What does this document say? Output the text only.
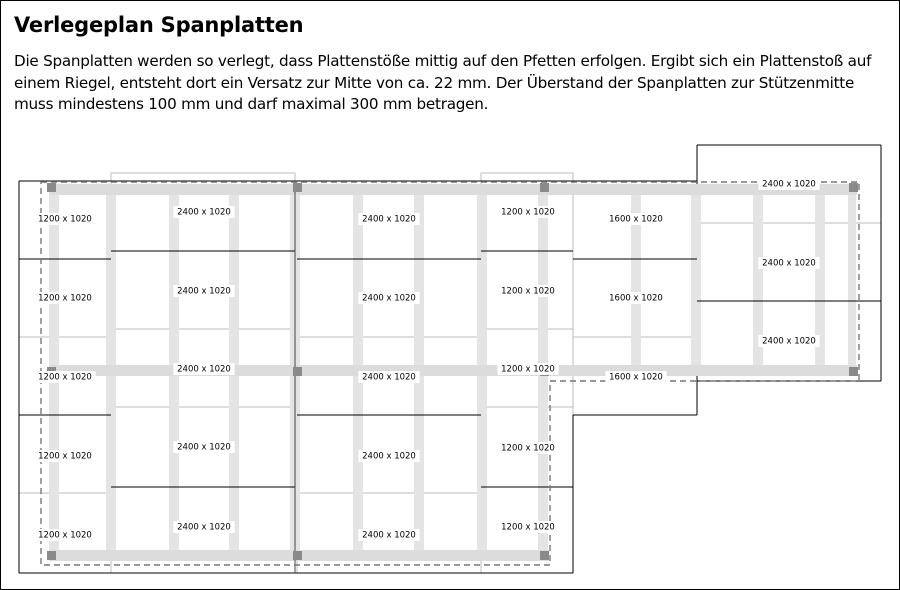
Verlegeplan Spanplatten

Die Spanplatten werden so verlegt, dass Plattenstöße mittig auf den Pfetten erfolgen. Ergibt sich ein Plattenstoß auf einem Riegel, entsteht dort ein Versatz zur Mitte von ca. 22 mm. Der Überstand der Spanplatten zur Stützenmitte muss mindestens 100 mm und darf maximal 300 mm betragen.

1200 x 1020
2400 x 1020
2400 x 1020
1200 x 1020
1600 x 1020
2400 x 1020
1200 x 1020
2400 x 1020
2400 x 1020
1200 x 1020
1600 x 1020
2400 x 1020
1200 x 1020
2400 x 1020
2400 x 1020
1200 x 1020
1600 x 1020
2400 x 1020
1200 x 1020
2400 x 1020
2400 x 1020
1200 x 1020
1200 x 1020
2400 x 1020
2400 x 1020
1200 x 1020
